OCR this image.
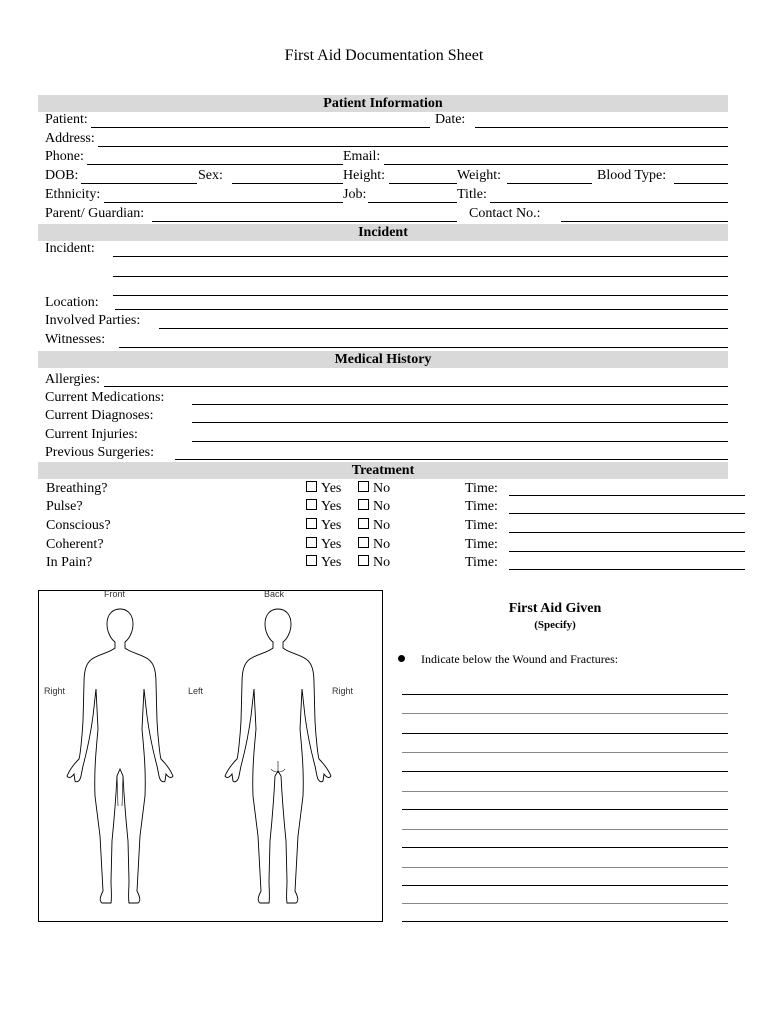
First Aid Documentation Sheet
Patient Information
Patient:	Date:
Address:
Phone:	Email:
DOB:	Sex:	Height:	Weight:	Blood Type:
Ethnicity:	Job:	Title:
Parent/ Guardian:	Contact No.:
Incident
Incident:
Location:
Involved Parties:
Witnesses:
Medical History
Allergies:
Current Medications:
Current Diagnoses:
Current Injuries:
Previous Surgeries:
Treatment
Breathing?	Yes	No	Time:
Pulse?	Yes	No	Time:
Conscious?	Yes	No	Time:
Coherent?	Yes	No	Time:
In Pain?	Yes	No	Time:
Front	Back
Right	Left	Right
First Aid Given
(Specify)
Indicate below the Wound and Fractures:
